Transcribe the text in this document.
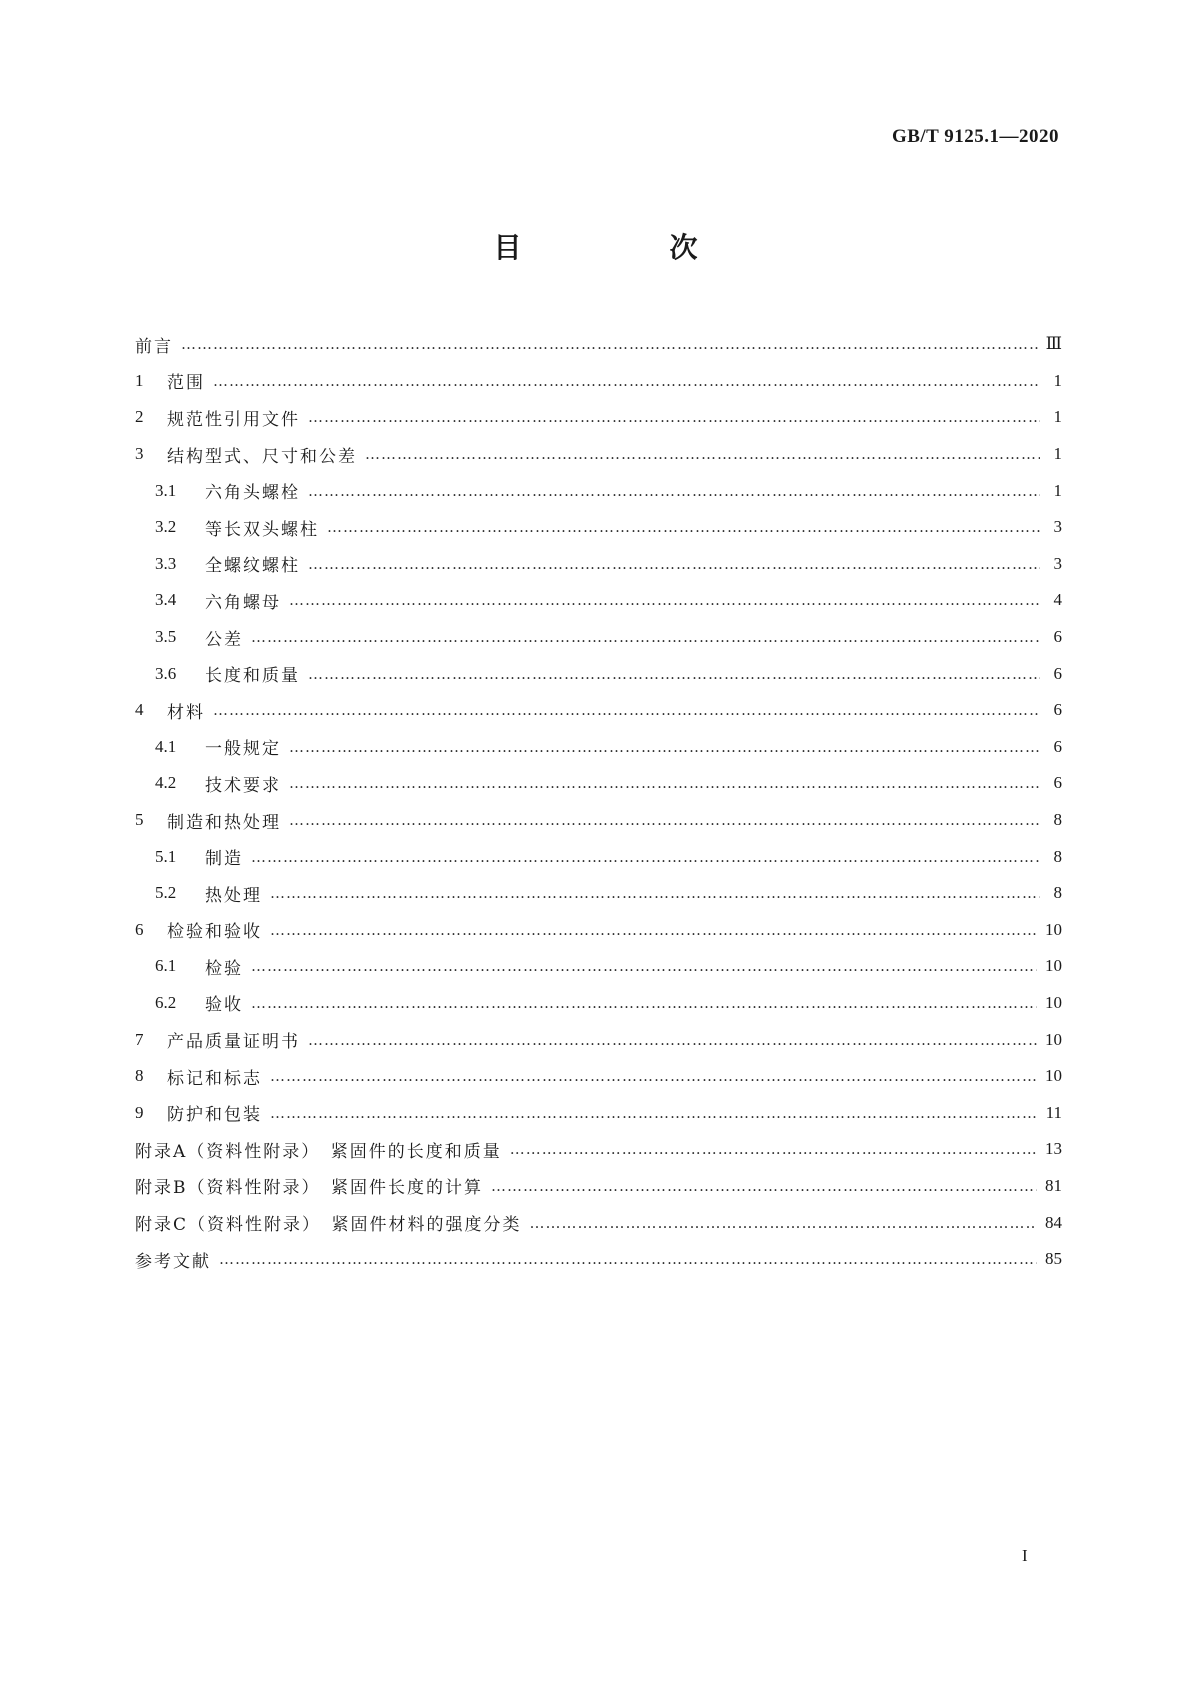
GB/T 9125.1—2020
目　次
前言 …………………………………………………………………………………………………………………………………………………………………………………………………………………………	Ⅲ
1	范围 …………………………………………………………………………………………………………………………………………………………………………………………………………………………	1
2	规范性引用文件 …………………………………………………………………………………………………………………………………………………………………………………………………………………………	1
3	结构型式、尺寸和公差 …………………………………………………………………………………………………………………………………………………………………………………………………………………………	1
3.1	六角头螺栓 …………………………………………………………………………………………………………………………………………………………………………………………………………………………	1
3.2	等长双头螺柱 …………………………………………………………………………………………………………………………………………………………………………………………………………………………	3
3.3	全螺纹螺柱 …………………………………………………………………………………………………………………………………………………………………………………………………………………………	3
3.4	六角螺母 …………………………………………………………………………………………………………………………………………………………………………………………………………………………	4
3.5	公差 …………………………………………………………………………………………………………………………………………………………………………………………………………………………	6
3.6	长度和质量 …………………………………………………………………………………………………………………………………………………………………………………………………………………………	6
4	材料 …………………………………………………………………………………………………………………………………………………………………………………………………………………………	6
4.1	一般规定 …………………………………………………………………………………………………………………………………………………………………………………………………………………………	6
4.2	技术要求 …………………………………………………………………………………………………………………………………………………………………………………………………………………………	6
5	制造和热处理 …………………………………………………………………………………………………………………………………………………………………………………………………………………………	8
5.1	制造 …………………………………………………………………………………………………………………………………………………………………………………………………………………………	8
5.2	热处理 …………………………………………………………………………………………………………………………………………………………………………………………………………………………	8
6	检验和验收 …………………………………………………………………………………………………………………………………………………………………………………………………………………………	10
6.1	检验 …………………………………………………………………………………………………………………………………………………………………………………………………………………………	10
6.2	验收 …………………………………………………………………………………………………………………………………………………………………………………………………………………………	10
7	产品质量证明书 …………………………………………………………………………………………………………………………………………………………………………………………………………………………	10
8	标记和标志 …………………………………………………………………………………………………………………………………………………………………………………………………………………………	10
9	防护和包装 …………………………………………………………………………………………………………………………………………………………………………………………………………………………	11
附录A（资料性附录）　紧固件的长度和质量 …………………………………………………………………………………………………………………………………………………………………………………………………………………………	13
附录B（资料性附录）　紧固件长度的计算 …………………………………………………………………………………………………………………………………………………………………………………………………………………………	81
附录C（资料性附录）　紧固件材料的强度分类 …………………………………………………………………………………………………………………………………………………………………………………………………………………………	84
参考文献 …………………………………………………………………………………………………………………………………………………………………………………………………………………………	85
I
